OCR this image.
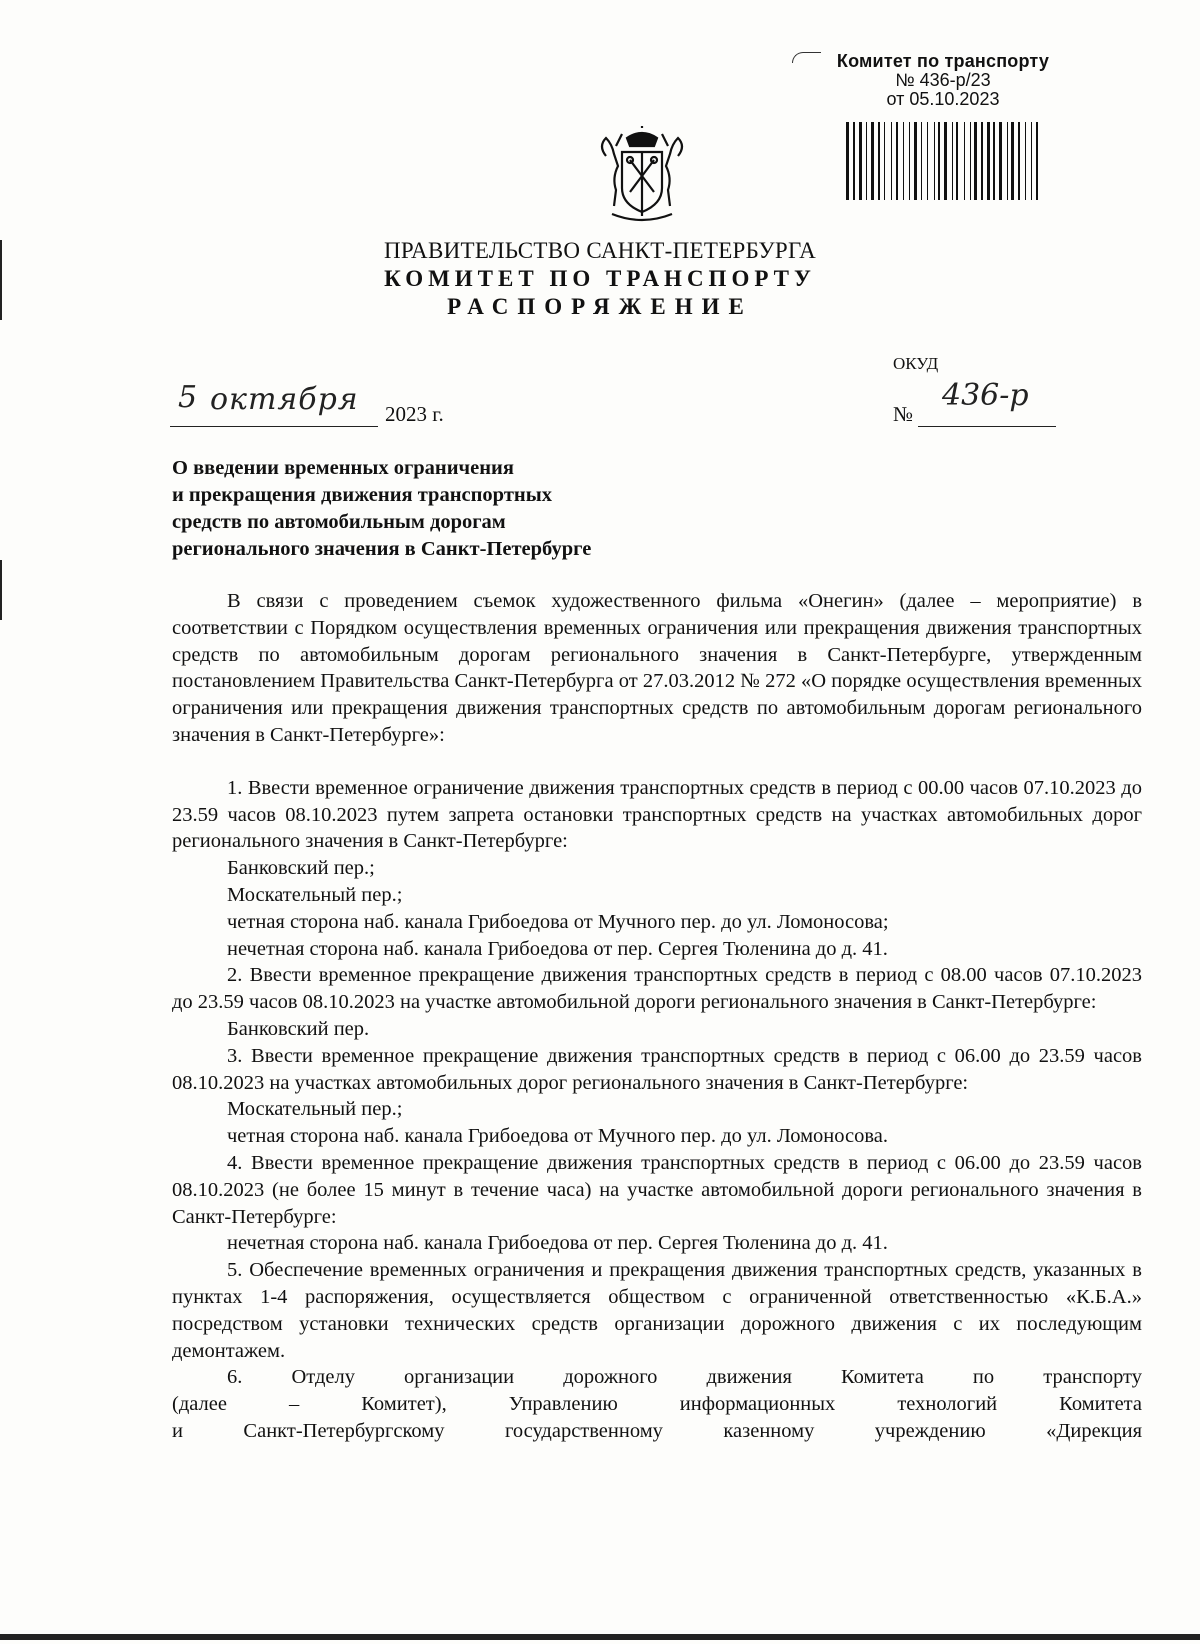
Комитет по транспорту
№ 436-р/23
от 05.10.2023
ПРАВИТЕЛЬСТВО САНКТ-ПЕТЕРБУРГА
КОМИТЕТ ПО ТРАНСПОРТУ
РАСПОРЯЖЕНИЕ
ОКУД
5 октября 2023 г.	№
436-р
О введении временных ограничения
и прекращения движения транспортных
средств по автомобильным дорогам
регионального значения в Санкт-Петербурге

В связи с проведением съемок художественного фильма «Онегин» (далее – мероприятие) в соответствии с Порядком осуществления временных ограничения или прекращения движения транспортных средств по автомобильным дорогам регионального значения в Санкт-Петербурге, утвержденным постановлением Правительства Санкт-Петербурга от 27.03.2012 № 272 «О порядке осуществления временных ограничения или прекращения движения транспортных средств по автомобильным дорогам регионального значения в Санкт-Петербурге»:

1. Ввести временное ограничение движения транспортных средств в период с 00.00 часов 07.10.2023 до 23.59 часов 08.10.2023 путем запрета остановки транспортных средств на участках автомобильных дорог регионального значения в Санкт-Петербурге:

Банковский пер.;
Москательный пер.;
четная сторона наб. канала Грибоедова от Мучного пер. до ул. Ломоносова;
нечетная сторона наб. канала Грибоедова от пер. Сергея Тюленина до д. 41.

2. Ввести временное прекращение движения транспортных средств в период с 08.00 часов 07.10.2023 до 23.59 часов 08.10.2023 на участке автомобильной дороги регионального значения в Санкт-Петербурге:

Банковский пер.

3. Ввести временное прекращение движения транспортных средств в период с 06.00 до 23.59 часов 08.10.2023 на участках автомобильных дорог регионального значения в Санкт-Петербурге:

Москательный пер.;
четная сторона наб. канала Грибоедова от Мучного пер. до ул. Ломоносова.

4. Ввести временное прекращение движения транспортных средств в период с 06.00 до 23.59 часов 08.10.2023 (не более 15 минут в течение часа) на участке автомобильной дороги регионального значения в Санкт-Петербурге:

нечетная сторона наб. канала Грибоедова от пер. Сергея Тюленина до д. 41.

5. Обеспечение временных ограничения и прекращения движения транспортных средств, указанных в пунктах 1-4 распоряжения, осуществляется обществом с ограниченной ответственностью «К.Б.А.» посредством установки технических средств организации дорожного движения с их последующим демонтажем.

6. Отделу организации дорожного движения Комитета по транспорту

(далее – Комитет), Управлению информационных технологий Комитета

и Санкт-Петербургскому государственному казенному учреждению «Дирекция
